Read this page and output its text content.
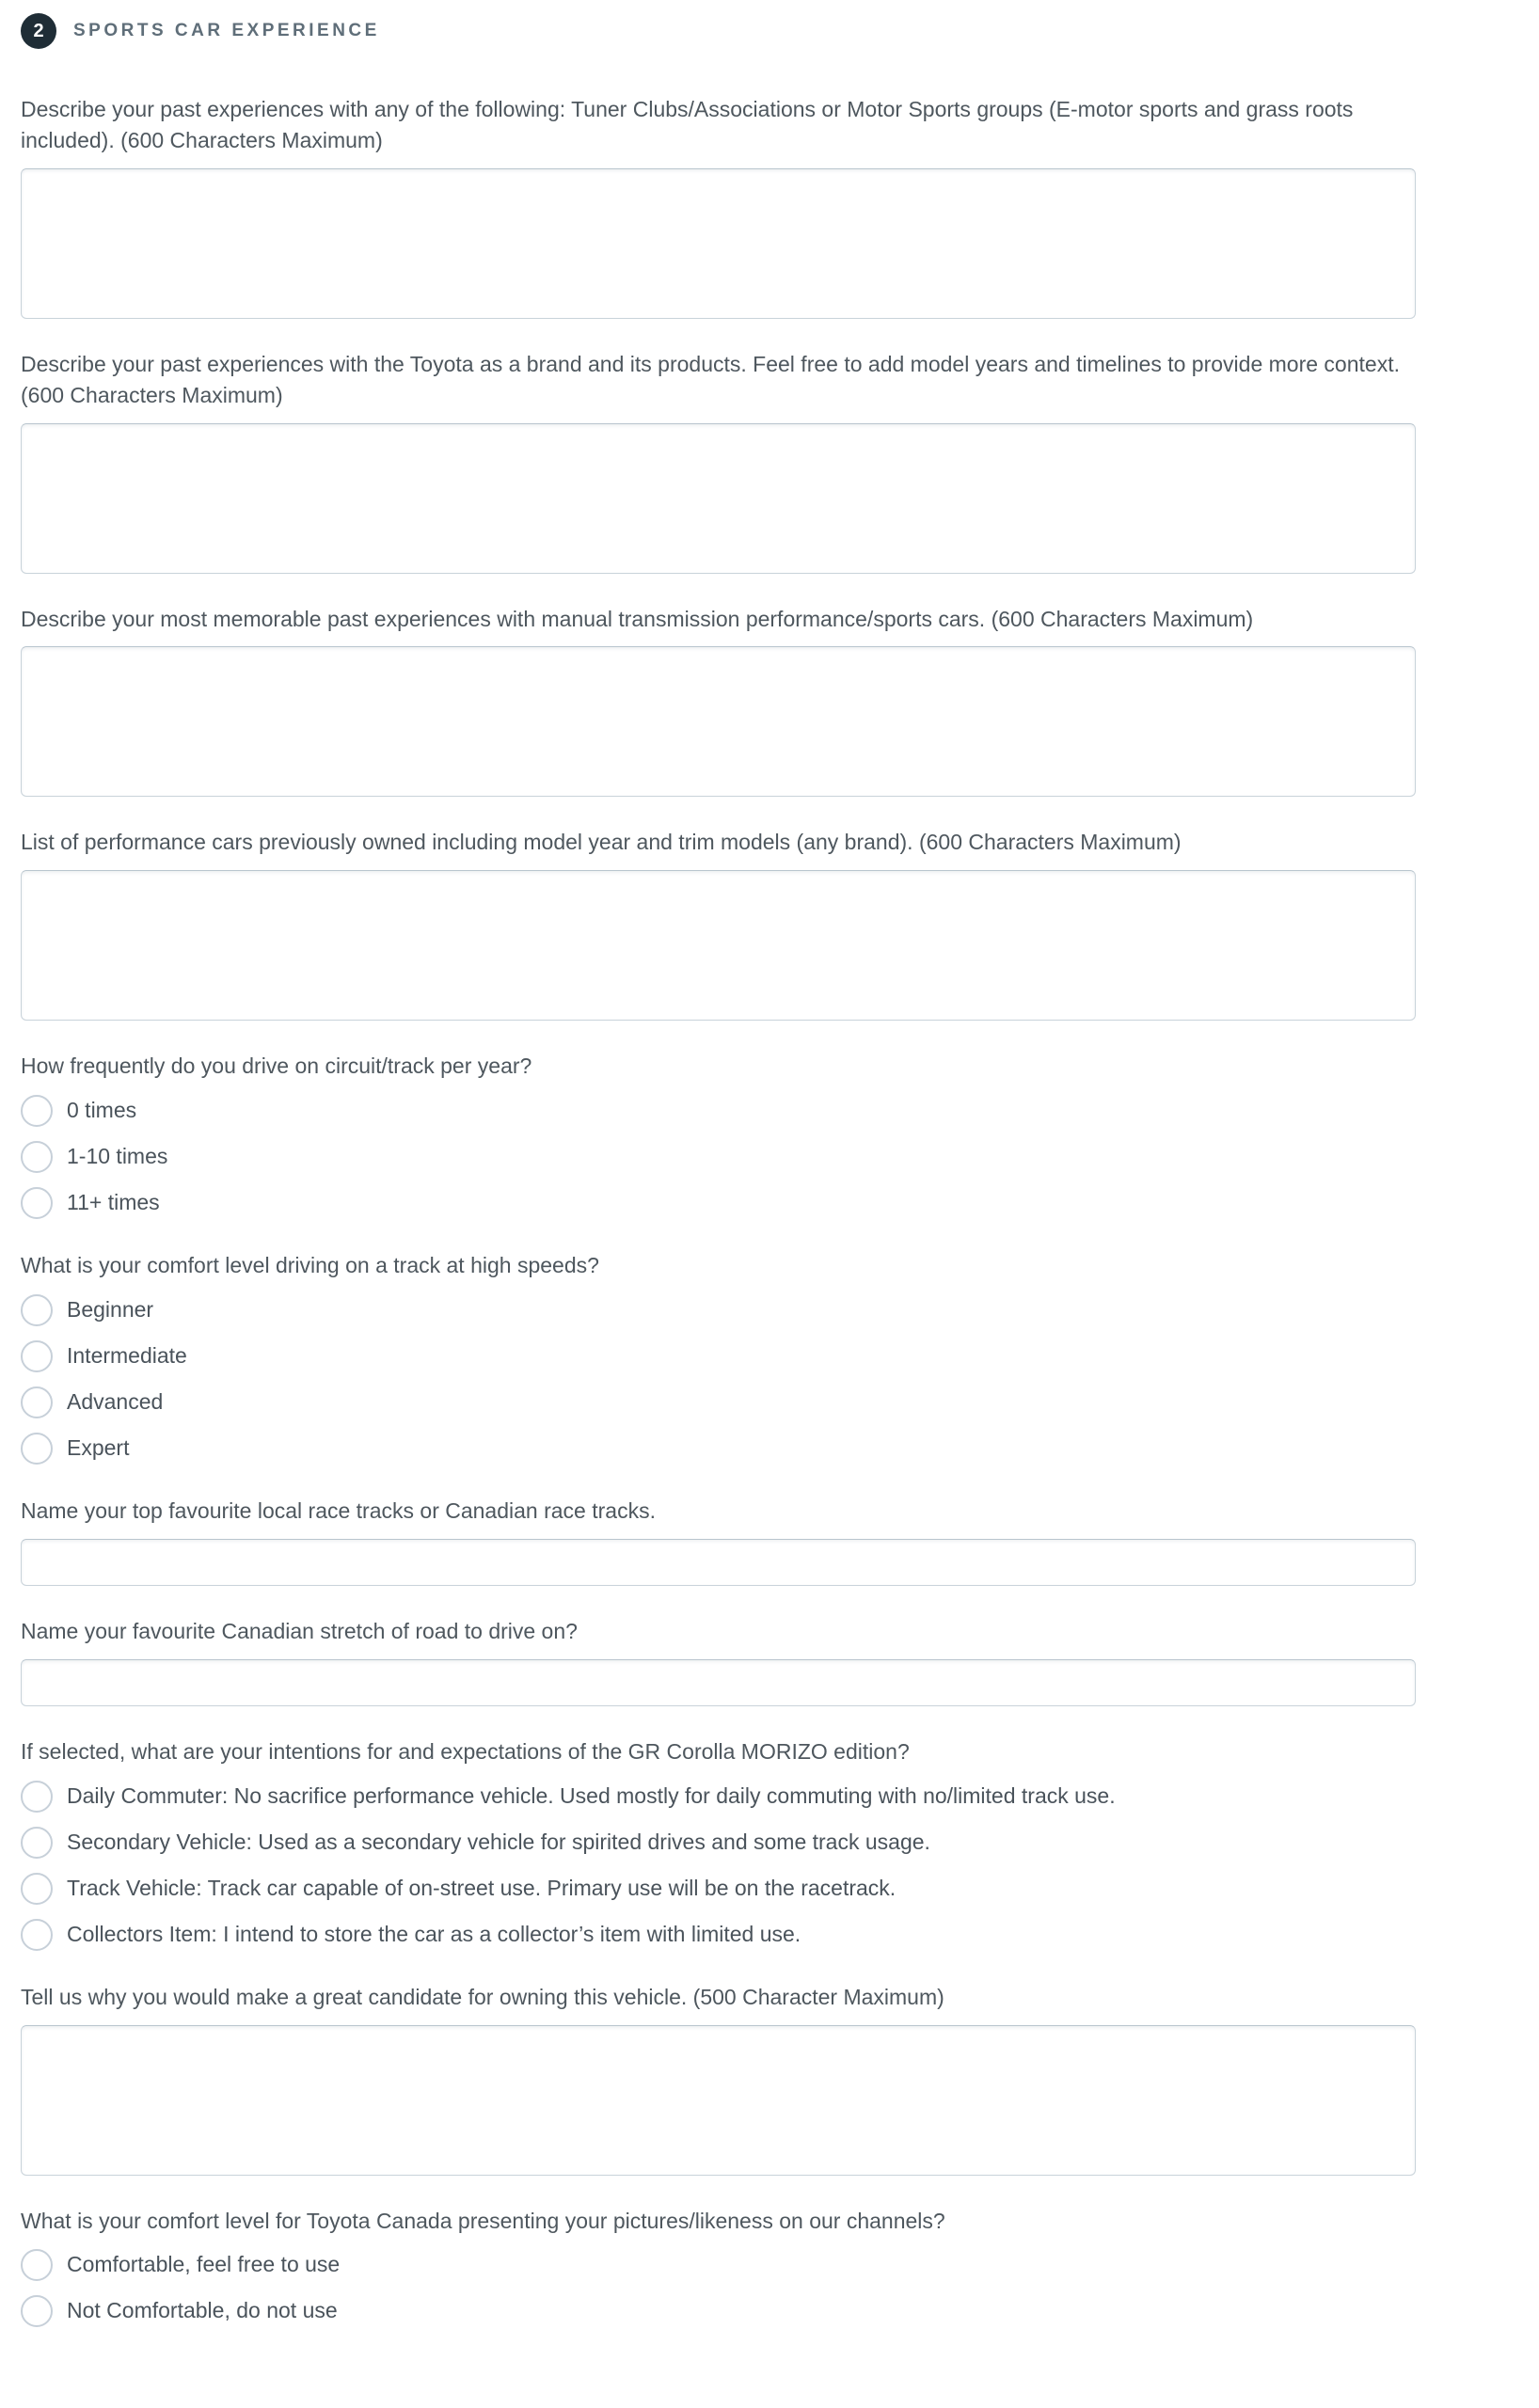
2	SPORTS CAR EXPERIENCE
Describe your past experiences with any of the following: Tuner Clubs/Associations or Motor Sports groups (E-motor sports and grass roots included). (600 Characters Maximum)
Describe your past experiences with the Toyota as a brand and its products. Feel free to add model years and timelines to provide more context. (600 Characters Maximum)
Describe your most memorable past experiences with manual transmission performance/sports cars. (600 Characters Maximum)
List of performance cars previously owned including model year and trim models (any brand). (600 Characters Maximum)
How frequently do you drive on circuit/track per year?
0 times
1-10 times
11+ times
What is your comfort level driving on a track at high speeds?
Beginner
Intermediate
Advanced
Expert
Name your top favourite local race tracks or Canadian race tracks.
Name your favourite Canadian stretch of road to drive on?
If selected, what are your intentions for and expectations of the GR Corolla MORIZO edition?
Daily Commuter: No sacrifice performance vehicle. Used mostly for daily commuting with no/limited track use.
Secondary Vehicle: Used as a secondary vehicle for spirited drives and some track usage.
Track Vehicle: Track car capable of on-street use. Primary use will be on the racetrack.
Collectors Item: I intend to store the car as a collector’s item with limited use.
Tell us why you would make a great candidate for owning this vehicle. (500 Character Maximum)
What is your comfort level for Toyota Canada presenting your pictures/likeness on our channels?
Comfortable, feel free to use
Not Comfortable, do not use
